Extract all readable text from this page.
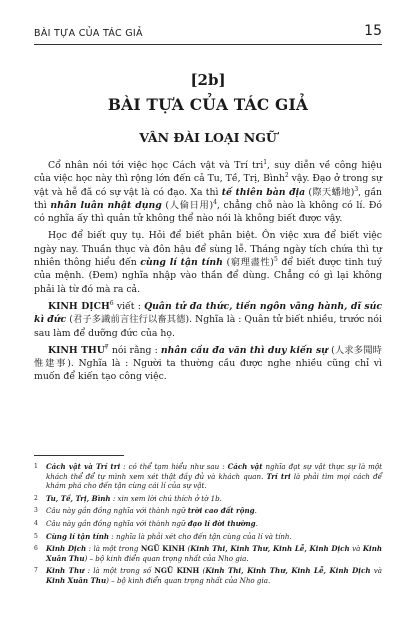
BÀI TỰA CỦA TÁC GIẢ	15
[2b]
BÀI TỰA CỦA TÁC GIẢ
VÂN ĐÀI LOẠI NGỮ

Cổ nhân nói tới việc học Cách vật và Trí tri$^1$, suy diễn về công hiệu của việc học này thì rộng lớn đến cả Tu, Tề, Trị, Bình$^2$ vậy. Đạo ở trong sự vật và hễ đã có sự vật là có đạo. Xa thì tế thiên bàn địa (際天蟠地)$^3$, gần thì nhân luân nhật dụng (人倫日用)$^4$, chẳng chỗ nào là không có lí. Đó có nghĩa ấy thì quân tử không thể nào nói là không biết được vậy.

Học để biết quy tụ. Hỏi để biết phân biệt. Ôn việc xưa để biết việc ngày nay. Thuần thục và đôn hậu để sùng lễ. Tháng ngày tích chứa thì tự nhiên thông hiểu đến cùng lí tận tính (窮理盡性)$^5$ để biết được tinh tuý của mệnh. (Đem) nghĩa nhập vào thần để dùng. Chẳng có gì lại không phải là từ đó mà ra cả.

KINH DỊCH$^6$ viết : Quân tử đa thức, tiền ngôn vãng hành, dĩ súc kì đức (君子多識前言往行以畜其德). Nghĩa là : Quân tử biết nhiều, trước nói sau làm để dưỡng đức của họ.

KINH THƯ$^7$ nói rằng : nhân cầu đa văn thì duy kiến sự (人求多聞時惟建事). Nghĩa là : Người ta thường cầu được nghe nhiều cũng chỉ vì muốn để kiến tạo công việc.

1	Cách vật và Trí tri : có thể tạm hiểu như sau : Cách vật nghĩa đạt sự vật thực sự là một khách thể để tự mình xem xét thật đầy đủ và khách quan. Trí tri là phải tìm mọi cách để khám phá cho đến tận cùng cái lí của sự vật.
2	Tu, Tề, Trị, Bình : xin xem lời chú thích ở tờ 1b.
3	Câu này gần đồng nghĩa với thành ngữ trời cao đất rộng.
4	Câu này gần đồng nghĩa với thành ngữ đạo lí đời thường.
5	Cùng lí tận tính : nghĩa là phải xét cho đến tận cùng của lí và tính.
6	Kinh Dịch : là một trong NGŨ KINH (Kinh Thi, Kinh Thư, Kinh Lễ, Kinh Dịch và Kinh Xuân Thu) – bộ kinh điển quan trọng nhất của Nho gia.
7	Kinh Thư : là một trong số NGŨ KINH (Kinh Thi, Kinh Thư, Kinh Lễ, Kinh Dịch và Kinh Xuân Thu) – bộ kinh điển quan trọng nhất của Nho gia.
